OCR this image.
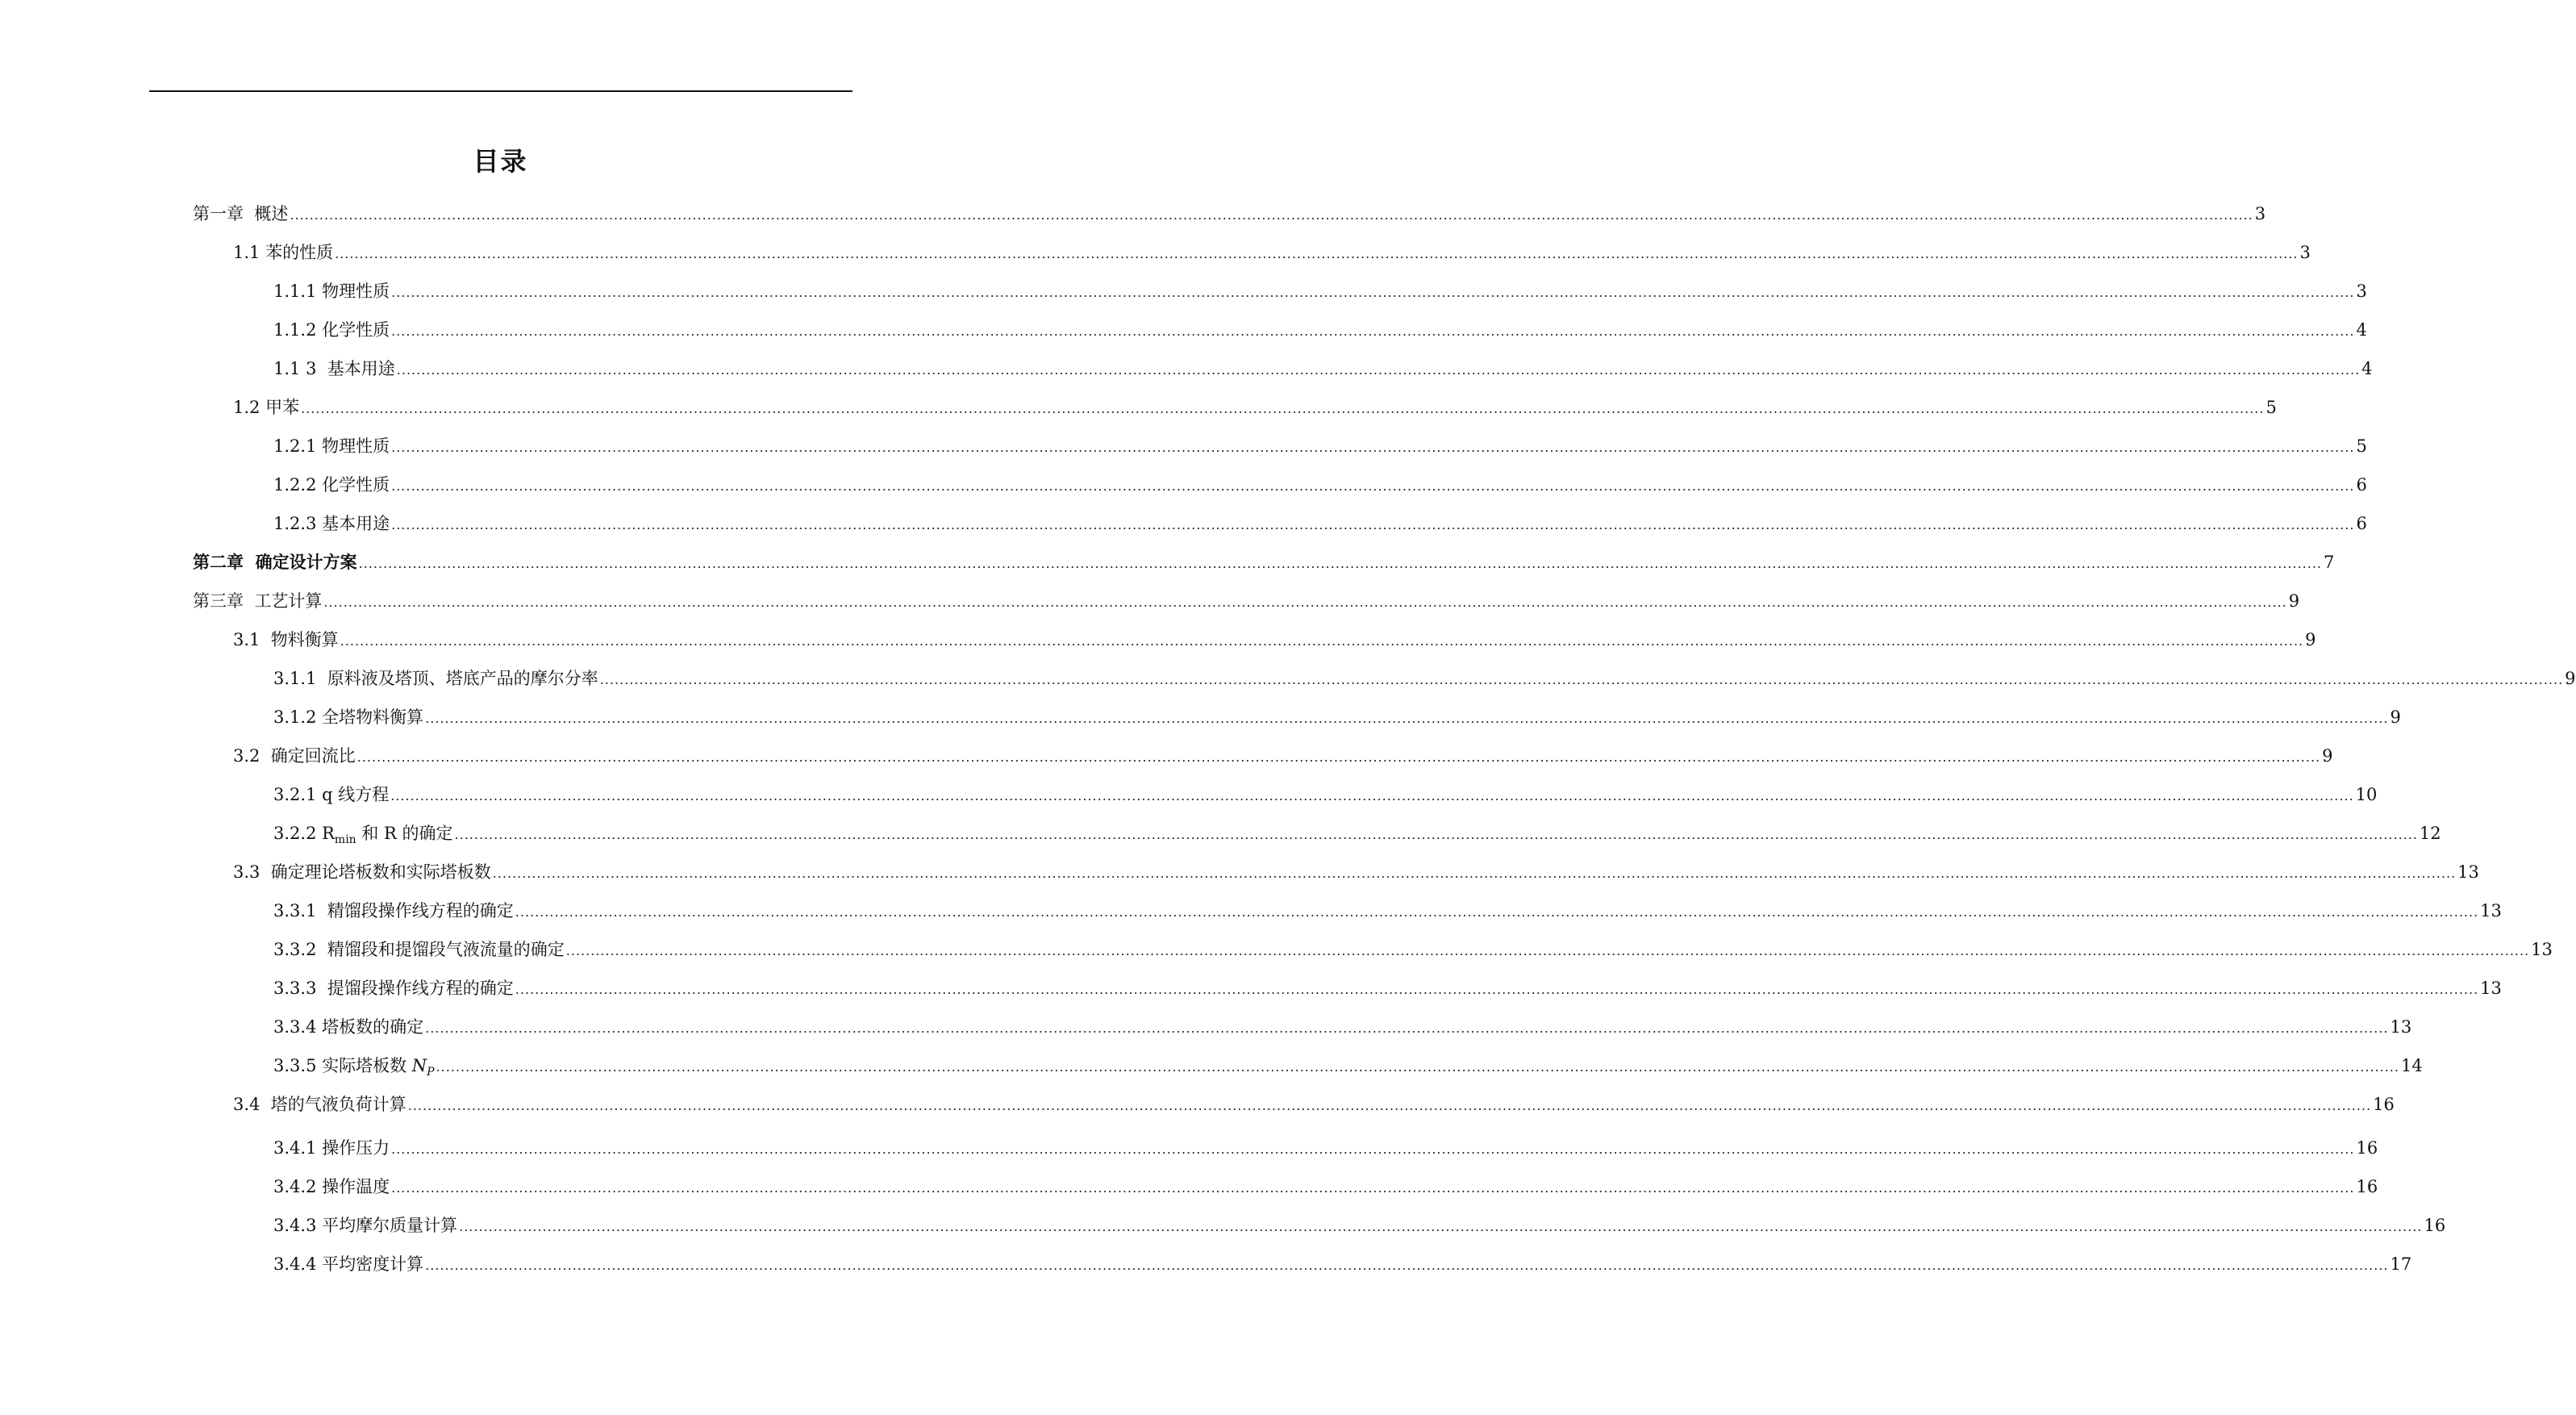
目录
第一章  概述 ................................................................................................................................................................................................................................................................................................................................................................................................................ 3
1.1 苯的性质 ................................................................................................................................................................................................................................................................................................................................................................................................................ 3
1.1.1 物理性质 ................................................................................................................................................................................................................................................................................................................................................................................................................ 3
1.1.2 化学性质 ................................................................................................................................................................................................................................................................................................................................................................................................................ 4
1.1 3  基本用途 ................................................................................................................................................................................................................................................................................................................................................................................................................ 4
1.2 甲苯 ................................................................................................................................................................................................................................................................................................................................................................................................................ 5
1.2.1 物理性质 ................................................................................................................................................................................................................................................................................................................................................................................................................ 5
1.2.2 化学性质 ................................................................................................................................................................................................................................................................................................................................................................................................................ 6
1.2.3 基本用途 ................................................................................................................................................................................................................................................................................................................................................................................................................ 6
第二章  确定设计方案 ................................................................................................................................................................................................................................................................................................................................................................................................................ 7
第三章  工艺计算 ................................................................................................................................................................................................................................................................................................................................................................................................................ 9
3.1  物料衡算 ................................................................................................................................................................................................................................................................................................................................................................................................................ 9
3.1.1  原料液及塔顶、塔底产品的摩尔分率 ................................................................................................................................................................................................................................................................................................................................................................................................................ 9
3.1.2 全塔物料衡算 ................................................................................................................................................................................................................................................................................................................................................................................................................ 9
3.2  确定回流比 ................................................................................................................................................................................................................................................................................................................................................................................................................ 9
3.2.1 q 线方程 ................................................................................................................................................................................................................................................................................................................................................................................................................ 10
3.2.2 $R_{min}$ 和 R 的确定 ................................................................................................................................................................................................................................................................................................................................................................................................................ 12
3.3  确定理论塔板数和实际塔板数 ................................................................................................................................................................................................................................................................................................................................................................................................................ 13
3.3.1  精馏段操作线方程的确定 ................................................................................................................................................................................................................................................................................................................................................................................................................ 13
3.3.2  精馏段和提馏段气液流量的确定 ................................................................................................................................................................................................................................................................................................................................................................................................................ 13
3.3.3  提馏段操作线方程的确定 ................................................................................................................................................................................................................................................................................................................................................................................................................ 13
3.3.4 塔板数的确定 ................................................................................................................................................................................................................................................................................................................................................................................................................ 13
3.3.5 实际塔板数 $N_P$ ................................................................................................................................................................................................................................................................................................................................................................................................................ 14
3.4  塔的气液负荷计算 ................................................................................................................................................................................................................................................................................................................................................................................................................ 16
3.4.1 操作压力 ................................................................................................................................................................................................................................................................................................................................................................................................................ 16
3.4.2 操作温度 ................................................................................................................................................................................................................................................................................................................................................................................................................ 16
3.4.3 平均摩尔质量计算 ................................................................................................................................................................................................................................................................................................................................................................................................................ 16
3.4.4 平均密度计算 ................................................................................................................................................................................................................................................................................................................................................................................................................ 17
